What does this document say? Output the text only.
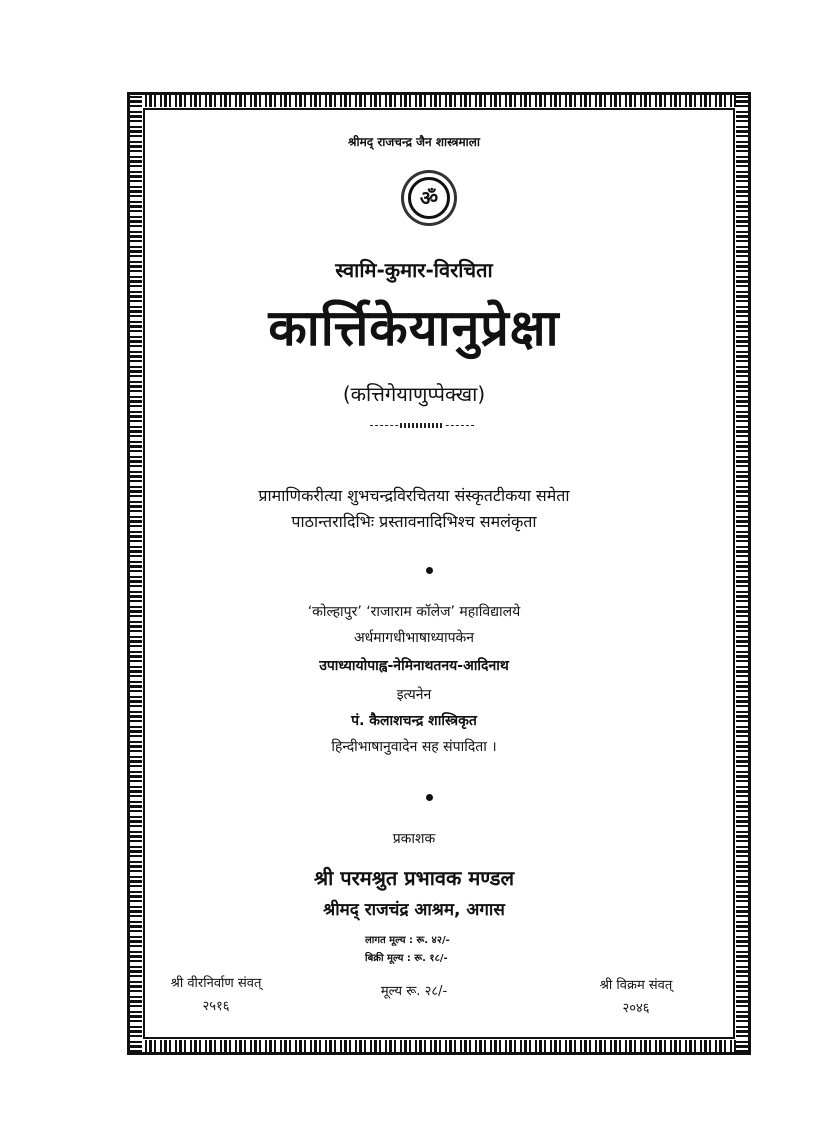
श्रीमद् राजचन्द्र जैन शास्त्रमाला
ॐ
स्वामि-कुमार-विरचिता
कार्त्तिकेयानुप्रेक्षा
(कत्तिगेयाणुप्पेक्खा)
प्रामाणिकरीत्या शुभचन्द्रविरचितया संस्कृतटीकया समेता
पाठान्तरादिभिः प्रस्तावनादिभिश्च समलंकृता
‘कोल्हापुर’ ‘राजाराम कॉलेज’ महाविद्यालये
अर्धमागधीभाषाध्यापकेन
उपाध्यायोपाह्व-नेमिनाथतनय-आदिनाथ
इत्यनेन
पं. कैलाशचन्द्र शास्त्रिकृत
हिन्दीभाषानुवादेन सह संपादिता ।
प्रकाशक
श्री परमश्रुत प्रभावक मण्डल
श्रीमद् राजचंद्र आश्रम, अगास
लागत मूल्य : रू. ४२/-
बिक्री मूल्य : रू. १८/-
मूल्य रू. २८/-
श्री वीरनिर्वाण संवत्
२५१६
श्री विक्रम संवत्
२०४६
